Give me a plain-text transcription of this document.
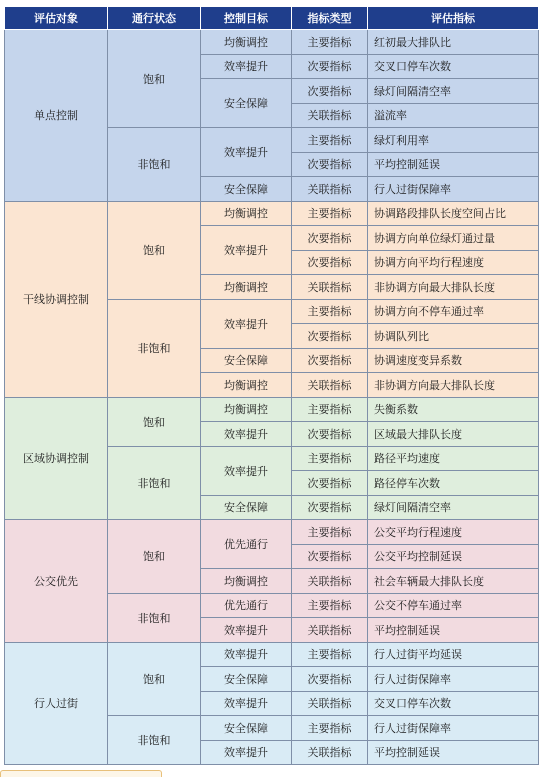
评估对象	通行状态	控制目标	指标类型	评估指标
单点控制	饱和	均衡调控	主要指标	红初最大排队比
		效率提升	次要指标	交叉口停车次数
		安全保障	次要指标	绿灯间隔清空率
			关联指标	溢流率
	非饱和	效率提升	主要指标	绿灯利用率
			次要指标	平均控制延误
		安全保障	关联指标	行人过街保障率
干线协调控制	饱和	均衡调控	主要指标	协调路段排队长度空间占比
		效率提升	次要指标	协调方向单位绿灯通过量
			次要指标	协调方向平均行程速度
		均衡调控	关联指标	非协调方向最大排队长度
	非饱和	效率提升	主要指标	协调方向不停车通过率
			次要指标	协调队列比
		安全保障	次要指标	协调速度变异系数
		均衡调控	关联指标	非协调方向最大排队长度
区域协调控制	饱和	均衡调控	主要指标	失衡系数
		效率提升	次要指标	区域最大排队长度
	非饱和	效率提升	主要指标	路径平均速度
			次要指标	路径停车次数
		安全保障	次要指标	绿灯间隔清空率
公交优先	饱和	优先通行	主要指标	公交平均行程速度
			次要指标	公交平均控制延误
		均衡调控	关联指标	社会车辆最大排队长度
	非饱和	优先通行	主要指标	公交不停车通过率
		效率提升	关联指标	平均控制延误
行人过街	饱和	效率提升	主要指标	行人过街平均延误
		安全保障	次要指标	行人过街保障率
		效率提升	关联指标	交叉口停车次数
	非饱和	安全保障	主要指标	行人过街保障率
		效率提升	关联指标	平均控制延误
